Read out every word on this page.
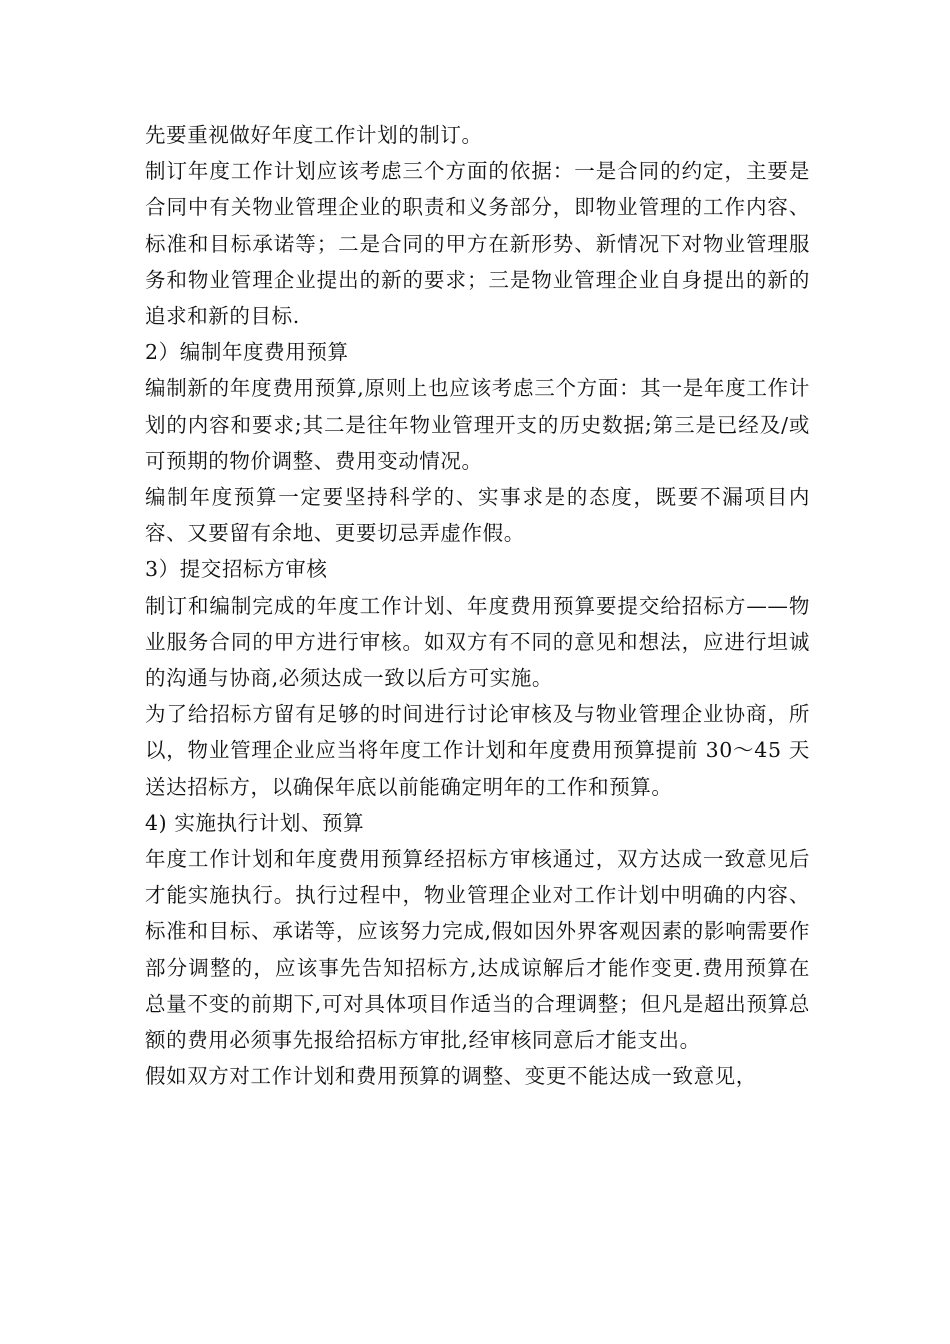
先要重视做好年度工作计划的制订。

制订年度工作计划应该考虑三个方面的依据：一是合同的约定，主要是合同中有关物业管理企业的职责和义务部分，即物业管理的工作内容、标准和目标承诺等；二是合同的甲方在新形势、新情况下对物业管理服务和物业管理企业提出的新的要求；三是物业管理企业自身提出的新的追求和新的目标.

2）编制年度费用预算

编制新的年度费用预算,原则上也应该考虑三个方面：其一是年度工作计划的内容和要求;其二是往年物业管理开支的历史数据;第三是已经及/或可预期的物价调整、费用变动情况。

编制年度预算一定要坚持科学的、实事求是的态度，既要不漏项目内容、又要留有余地、更要切忌弄虚作假。

3）提交招标方审核

制订和编制完成的年度工作计划、年度费用预算要提交给招标方——物业服务合同的甲方进行审核。如双方有不同的意见和想法，应进行坦诚的沟通与协商,必须达成一致以后方可实施。

为了给招标方留有足够的时间进行讨论审核及与物业管理企业协商，所以，物业管理企业应当将年度工作计划和年度费用预算提前 30～45 天送达招标方，以确保年底以前能确定明年的工作和预算。

4) 实施执行计划、预算

年度工作计划和年度费用预算经招标方审核通过，双方达成一致意见后才能实施执行。执行过程中，物业管理企业对工作计划中明确的内容、标准和目标、承诺等，应该努力完成,假如因外界客观因素的影响需要作部分调整的，应该事先告知招标方,达成谅解后才能作变更.费用预算在总量不变的前期下,可对具体项目作适当的合理调整；但凡是超出预算总额的费用必须事先报给招标方审批,经审核同意后才能支出。

假如双方对工作计划和费用预算的调整、变更不能达成一致意见，
